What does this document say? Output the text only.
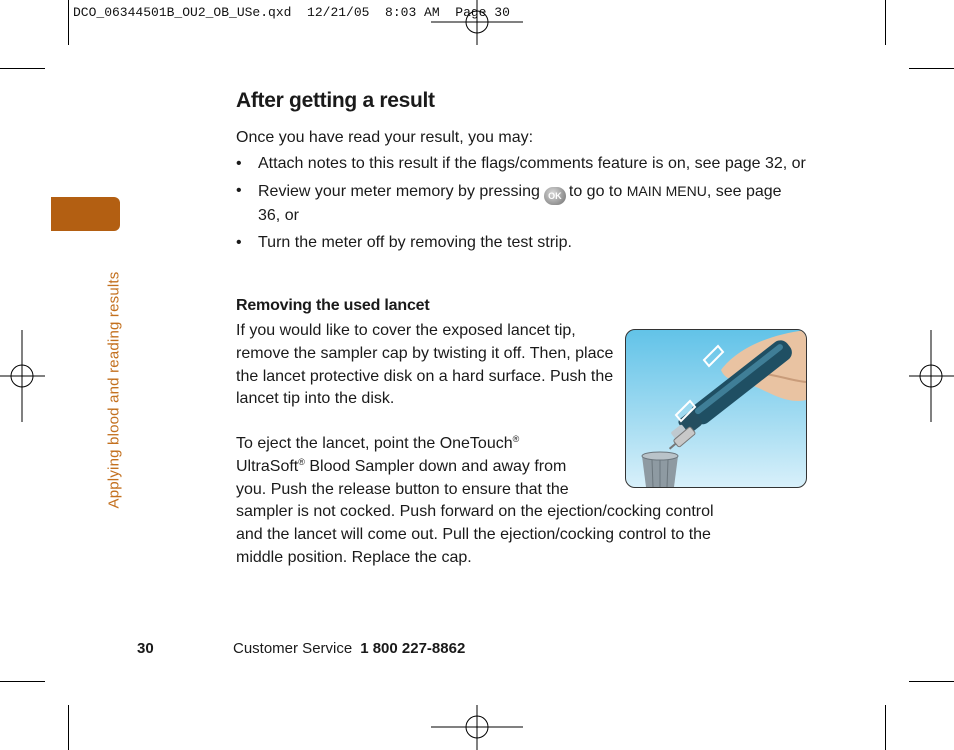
DCO_06344501B_OU2_OB_USe.qxd  12/21/05  8:03 AM  Page 30
Applying blood and reading results
After getting a result
Once you have read your result, you may:
• Attach notes to this result if the flags/comments feature is on, see page 32, or
• Review your meter memory by pressing OK to go to MAIN MENU, see page 36, or
• Turn the meter off by removing the test strip.
Removing the used lancet

If you would like to cover the exposed lancet tip, remove the sampler cap by twisting it off. Then, place the lancet protective disk on a hard surface. Push the lancet tip into the disk.

To eject the lancet, point the OneTouch®
UltraSoft® Blood Sampler down and away from
you. Push the release button to ensure that the
sampler is not cocked. Push forward on the ejection/cocking control
and the lancet will come out. Pull the ejection/cocking control to the
middle position. Replace the cap.

30	Customer Service 1 800 227-8862
